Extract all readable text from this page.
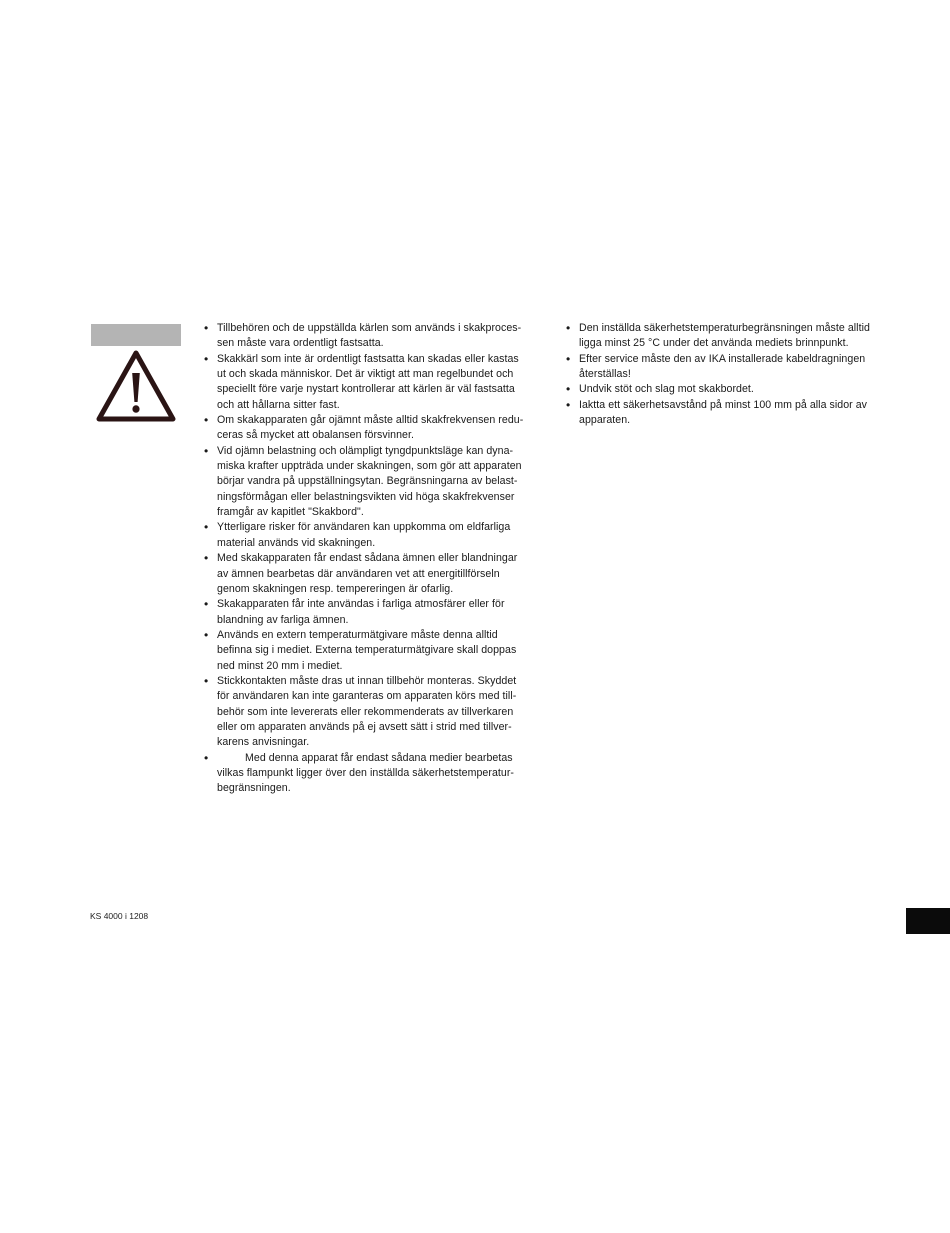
• Tillbehören och de uppställda kärlen som används i skakproces-
sen måste vara ordentligt fastsatta.
• Skakkärl som inte är ordentligt fastsatta kan skadas eller kastas
ut och skada människor. Det är viktigt att man regelbundet och
speciellt före varje nystart kontrollerar att kärlen är väl fastsatta
och att hållarna sitter fast.
• Om skakapparaten går ojämnt måste alltid skakfrekvensen redu-
ceras så mycket att obalansen försvinner.
• Vid ojämn belastning och olämpligt tyngdpunktsläge kan dyna-
miska krafter uppträda under skakningen, som gör att apparaten
börjar vandra på uppställningsytan. Begränsningarna av belast-
ningsförmågan eller belastningsvikten vid höga skakfrekvenser
framgår av kapitlet "Skakbord".
• Ytterligare risker för användaren kan uppkomma om eldfarliga
material används vid skakningen.
• Med skakapparaten får endast sådana ämnen eller blandningar
av ämnen bearbetas där användaren vet att energitillförseln
genom skakningen resp. tempereringen är ofarlig.
• Skakapparaten får inte användas i farliga atmosfärer eller för
blandning av farliga ämnen.
• Används en extern temperaturmätgivare måste denna alltid
befinna sig i mediet. Externa temperaturmätgivare skall doppas
ned minst 20 mm i mediet.
• Stickkontakten måste dras ut innan tillbehör monteras. Skyddet
för användaren kan inte garanteras om apparaten körs med till-
behör som inte levererats eller rekommenderats av tillverkaren
eller om apparaten används på ej avsett sätt i strid med tillver-
karens anvisningar.
•	Med denna apparat får endast sådana medier bearbetas
vilkas flampunkt ligger över den inställda säkerhetstemperatur-
begränsningen.
• Den inställda säkerhetstemperaturbegränsningen måste alltid
ligga minst 25 °C under det använda mediets brinnpunkt.
• Efter service måste den av IKA installerade kabeldragningen
återställas!
• Undvik stöt och slag mot skakbordet.
• Iaktta ett säkerhetsavstånd på minst 100 mm på alla sidor av
apparaten.
KS 4000 i 1208
